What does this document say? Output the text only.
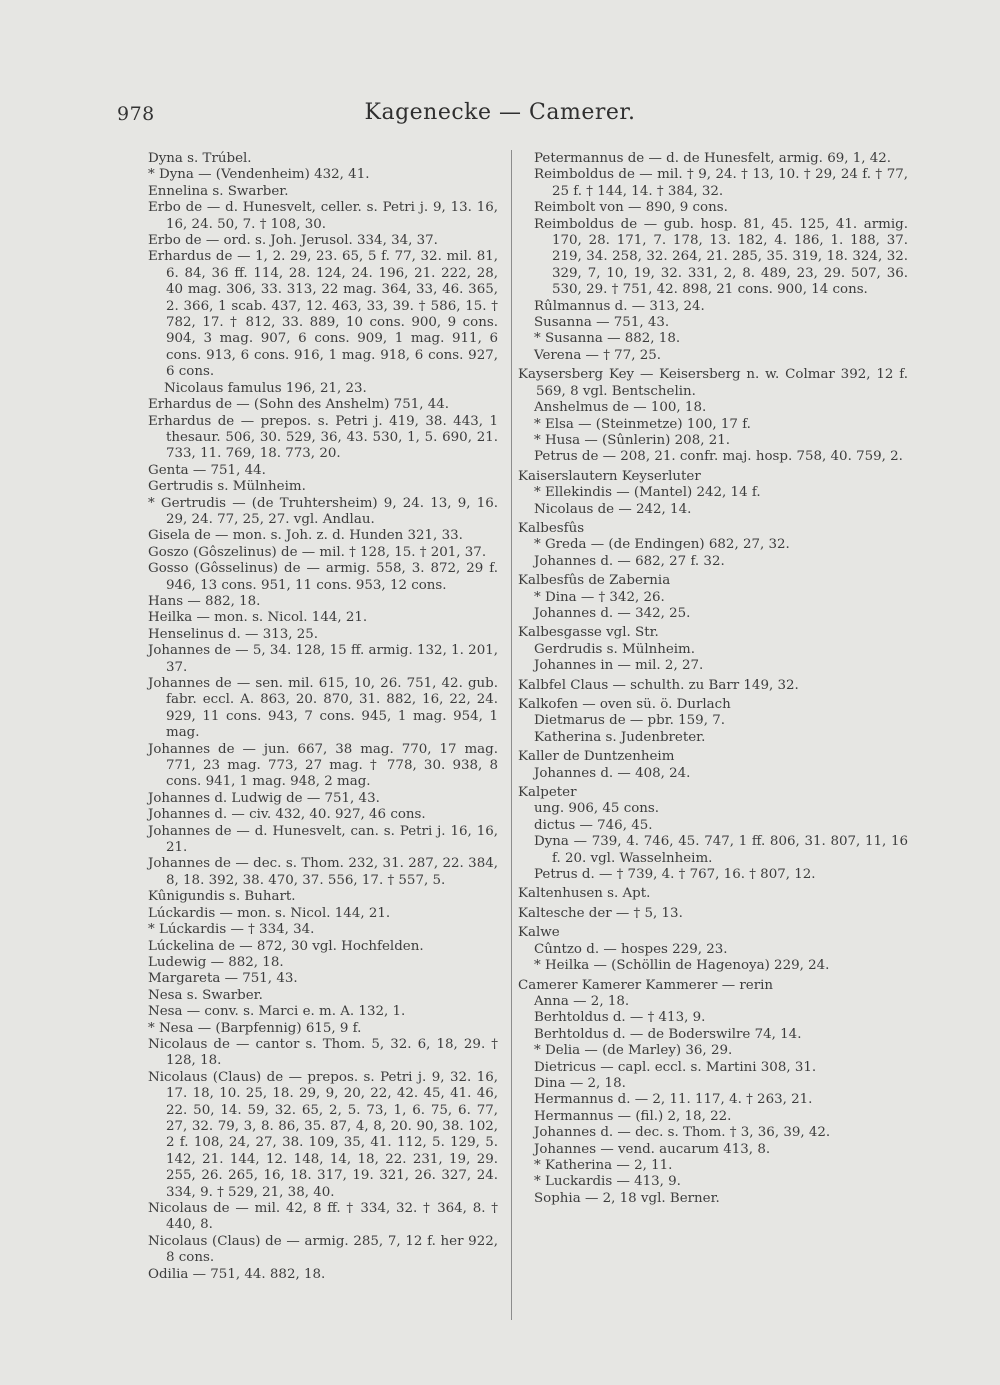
978	Kagenecke — Camerer.
Dyna s. Trúbel.
* Dyna — (Vendenheim) 432, 41.
Ennelina s. Swarber.
Erbo de — d. Hunesvelt, celler. s. Petri j. 9, 13. 16, 16, 24. 50, 7. † 108, 30.
Erbo de — ord. s. Joh. Jerusol. 334, 34, 37.
Erhardus de — 1, 2. 29, 23. 65, 5 f. 77, 32. mil. 81, 6. 84, 36 ff. 114, 28. 124, 24. 196, 21. 222, 28, 40 mag. 306, 33. 313, 22 mag. 364, 33, 46. 365, 2. 366, 1 scab. 437, 12. 463, 33, 39. † 586, 15. † 782, 17. † 812, 33. 889, 10 cons. 900, 9 cons. 904, 3 mag. 907, 6 cons. 909, 1 mag. 911, 6 cons. 913, 6 cons. 916, 1 mag. 918, 6 cons. 927, 6 cons.
Nicolaus famulus 196, 21, 23.
Erhardus de — (Sohn des Anshelm) 751, 44.
Erhardus de — prepos. s. Petri j. 419, 38. 443, 1 thesaur. 506, 30. 529, 36, 43. 530, 1, 5. 690, 21. 733, 11. 769, 18. 773, 20.
Genta — 751, 44.
Gertrudis s. Mülnheim.
* Gertrudis — (de Truhtersheim) 9, 24. 13, 9, 16. 29, 24. 77, 25, 27. vgl. Andlau.
Gisela de — mon. s. Joh. z. d. Hunden 321, 33.
Goszo (Gôszelinus) de — mil. † 128, 15. † 201, 37.
Gosso (Gôsselinus) de — armig. 558, 3. 872, 29 f. 946, 13 cons. 951, 11 cons. 953, 12 cons.
Hans — 882, 18.
Heilka — mon. s. Nicol. 144, 21.
Henselinus d. — 313, 25.
Johannes de — 5, 34. 128, 15 ff. armig. 132, 1. 201, 37.
Johannes de — sen. mil. 615, 10, 26. 751, 42. gub. fabr. eccl. A. 863, 20. 870, 31. 882, 16, 22, 24. 929, 11 cons. 943, 7 cons. 945, 1 mag. 954, 1 mag.
Johannes de — jun. 667, 38 mag. 770, 17 mag. 771, 23 mag. 773, 27 mag. † 778, 30. 938, 8 cons. 941, 1 mag. 948, 2 mag.
Johannes d. Ludwig de — 751, 43.
Johannes d. — civ. 432, 40. 927, 46 cons.
Johannes de — d. Hunesvelt, can. s. Petri j. 16, 16, 21.
Johannes de — dec. s. Thom. 232, 31. 287, 22. 384, 8, 18. 392, 38. 470, 37. 556, 17. † 557, 5.
Kûnigundis s. Buhart.
Lúckardis — mon. s. Nicol. 144, 21.
* Lúckardis — † 334, 34.
Lúckelina de — 872, 30 vgl. Hochfelden.
Ludewig — 882, 18.
Margareta — 751, 43.
Nesa s. Swarber.
Nesa — conv. s. Marci e. m. A. 132, 1.
* Nesa — (Barpfennig) 615, 9 f.
Nicolaus de — cantor s. Thom. 5, 32. 6, 18, 29. † 128, 18.
Nicolaus (Claus) de — prepos. s. Petri j. 9, 32. 16, 17. 18, 10. 25, 18. 29, 9, 20, 22, 42. 45, 41. 46, 22. 50, 14. 59, 32. 65, 2, 5. 73, 1, 6. 75, 6. 77, 27, 32. 79, 3, 8. 86, 35. 87, 4, 8, 20. 90, 38. 102, 2 f. 108, 24, 27, 38. 109, 35, 41. 112, 5. 129, 5. 142, 21. 144, 12. 148, 14, 18, 22. 231, 19, 29. 255, 26. 265, 16, 18. 317, 19. 321, 26. 327, 24. 334, 9. † 529, 21, 38, 40.
Nicolaus de — mil. 42, 8 ff. † 334, 32. † 364, 8. † 440, 8.
Nicolaus (Claus) de — armig. 285, 7, 12 f. her 922, 8 cons.
Odilia — 751, 44. 882, 18.
Petermannus de — d. de Hunesfelt, armig. 69, 1, 42.
Reimboldus de — mil. † 9, 24. † 13, 10. † 29, 24 f. † 77, 25 f. † 144, 14. † 384, 32.
Reimbolt von — 890, 9 cons.
Reimboldus de — gub. hosp. 81, 45. 125, 41. armig. 170, 28. 171, 7. 178, 13. 182, 4. 186, 1. 188, 37. 219, 34. 258, 32. 264, 21. 285, 35. 319, 18. 324, 32. 329, 7, 10, 19, 32. 331, 2, 8. 489, 23, 29. 507, 36. 530, 29. † 751, 42. 898, 21 cons. 900, 14 cons.
Rûlmannus d. — 313, 24.
Susanna — 751, 43.
* Susanna — 882, 18.
Verena — † 77, 25.
Kaysersberg Key — Keisersberg n. w. Colmar 392, 12 f. 569, 8 vgl. Bentschelin.
Anshelmus de — 100, 18.
* Elsa — (Steinmetze) 100, 17 f.
* Husa — (Sûnlerin) 208, 21.
Petrus de — 208, 21. confr. maj. hosp. 758, 40. 759, 2.
Kaiserslautern Keyserluter
* Ellekindis — (Mantel) 242, 14 f.
Nicolaus de — 242, 14.
Kalbesfûs
* Greda — (de Endingen) 682, 27, 32.
Johannes d. — 682, 27 f. 32.
Kalbesfûs de Zabernia
* Dina — † 342, 26.
Johannes d. — 342, 25.
Kalbesgasse vgl. Str.
Gerdrudis s. Mülnheim.
Johannes in — mil. 2, 27.
Kalbfel Claus — schulth. zu Barr 149, 32.
Kalkofen — oven sü. ö. Durlach
Dietmarus de — pbr. 159, 7.
Katherina s. Judenbreter.
Kaller de Duntzenheim
Johannes d. — 408, 24.
Kalpeter
ung. 906, 45 cons.
dictus — 746, 45.
Dyna — 739, 4. 746, 45. 747, 1 ff. 806, 31. 807, 11, 16 f. 20. vgl. Wasselnheim.
Petrus d. — † 739, 4. † 767, 16. † 807, 12.
Kaltenhusen s. Apt.
Kaltesche der — † 5, 13.
Kalwe
Cûntzo d. — hospes 229, 23.
* Heilka — (Schöllin de Hagenoya) 229, 24.
Camerer Kamerer Kammerer — rerin
Anna — 2, 18.
Berhtoldus d. — † 413, 9.
Berhtoldus d. — de Boderswilre 74, 14.
* Delia — (de Marley) 36, 29.
Dietricus — capl. eccl. s. Martini 308, 31.
Dina — 2, 18.
Hermannus d. — 2, 11. 117, 4. † 263, 21.
Hermannus — (fil.) 2, 18, 22.
Johannes d. — dec. s. Thom. † 3, 36, 39, 42.
Johannes — vend. aucarum 413, 8.
* Katherina — 2, 11.
* Luckardis — 413, 9.
Sophia — 2, 18 vgl. Berner.
